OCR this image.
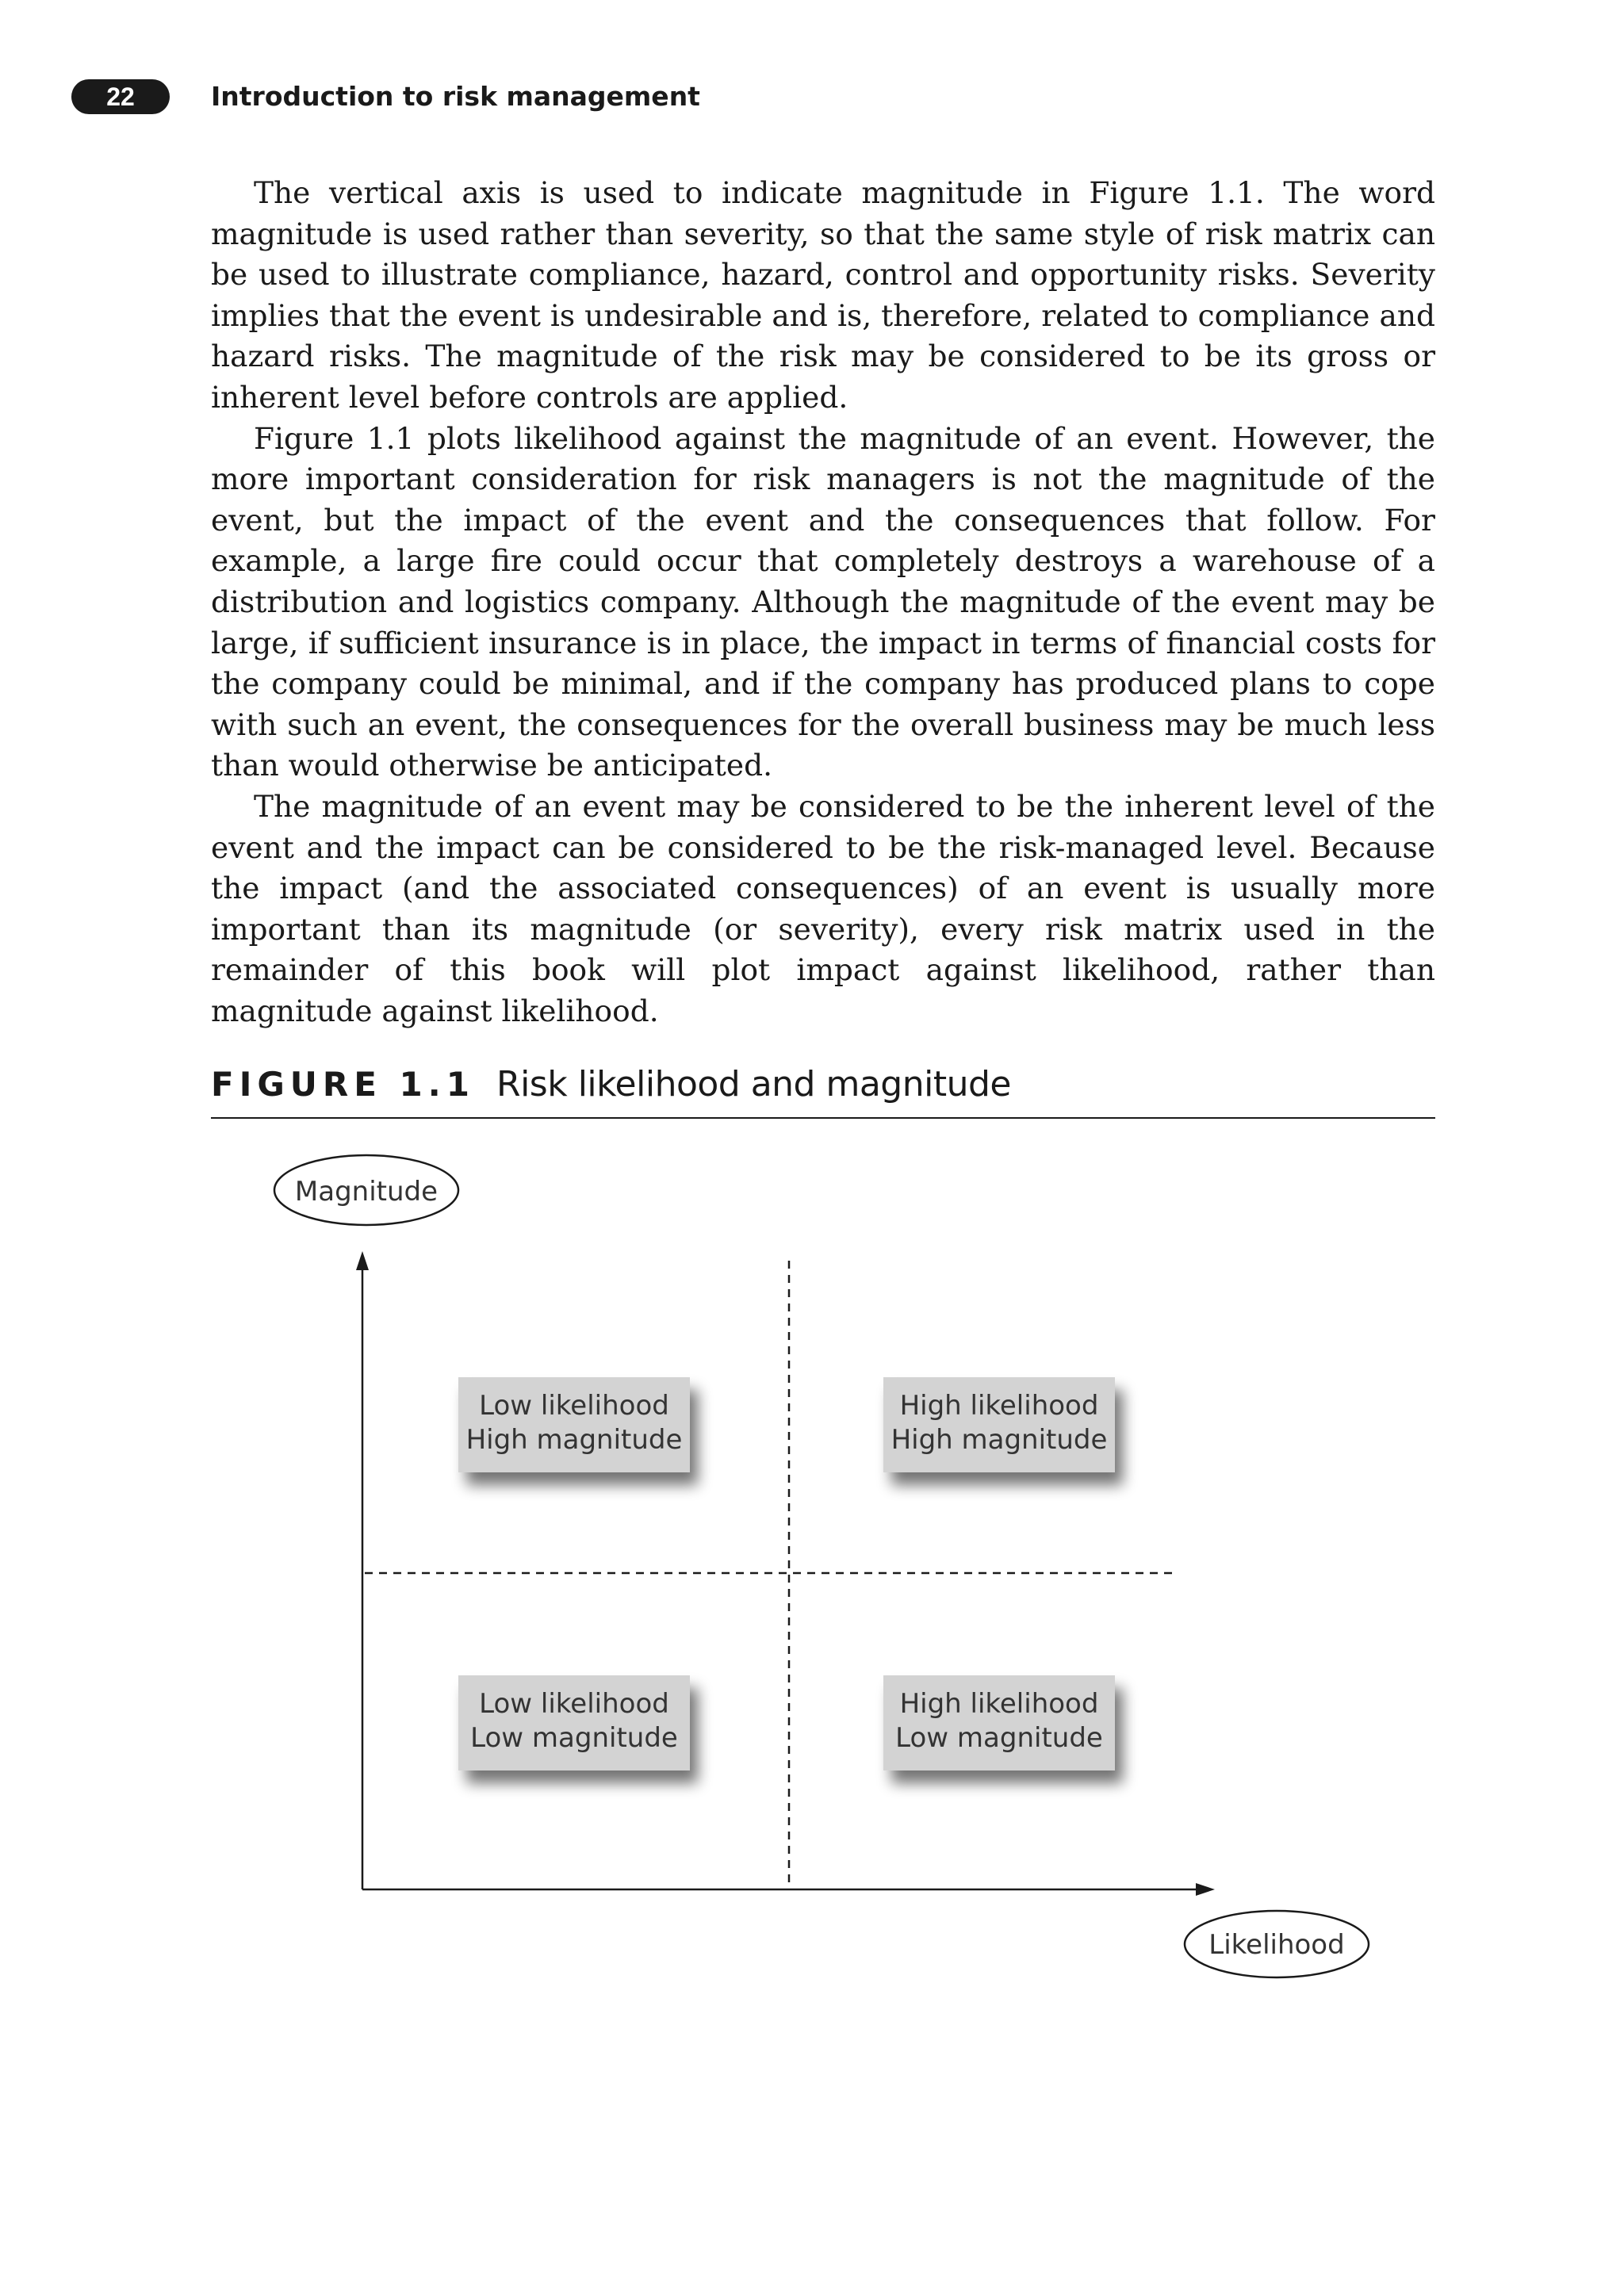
22	Introduction to risk management

The vertical axis is used to indicate magnitude in Figure 1.1. The word magnitude is used rather than severity, so that the same style of risk matrix can be used to illustrate compliance, hazard, control and opportunity risks. Severity implies that the event is undesirable and is, therefore, related to compliance and hazard risks. The magnitude of the risk may be considered to be its gross or inherent level before controls are applied.

Figure 1.1 plots likelihood against the magnitude of an event. However, the more important consideration for risk managers is not the magnitude of the event, but the impact of the event and the consequences that follow. For example, a large fire could occur that completely destroys a warehouse of a distribution and logistics company. Although the magnitude of the event may be large, if sufficient insurance is in place, the impact in terms of financial costs for the company could be minimal, and if the company has produced plans to cope with such an event, the consequences for the overall business may be much less than would otherwise be anticipated.

The magnitude of an event may be considered to be the inherent level of the event and the impact can be considered to be the risk-managed level. Because the impact (and the associated consequences) of an event is usually more important than its magnitude (or severity), every risk matrix used in the remainder of this book will plot impact against likelihood, rather than magnitude against likelihood.

FIGURE 1.1 Risk likelihood and magnitude
Magnitude
Low likelihood
High magnitude
High likelihood
High magnitude
Low likelihood
Low magnitude
High likelihood
Low magnitude
Likelihood
